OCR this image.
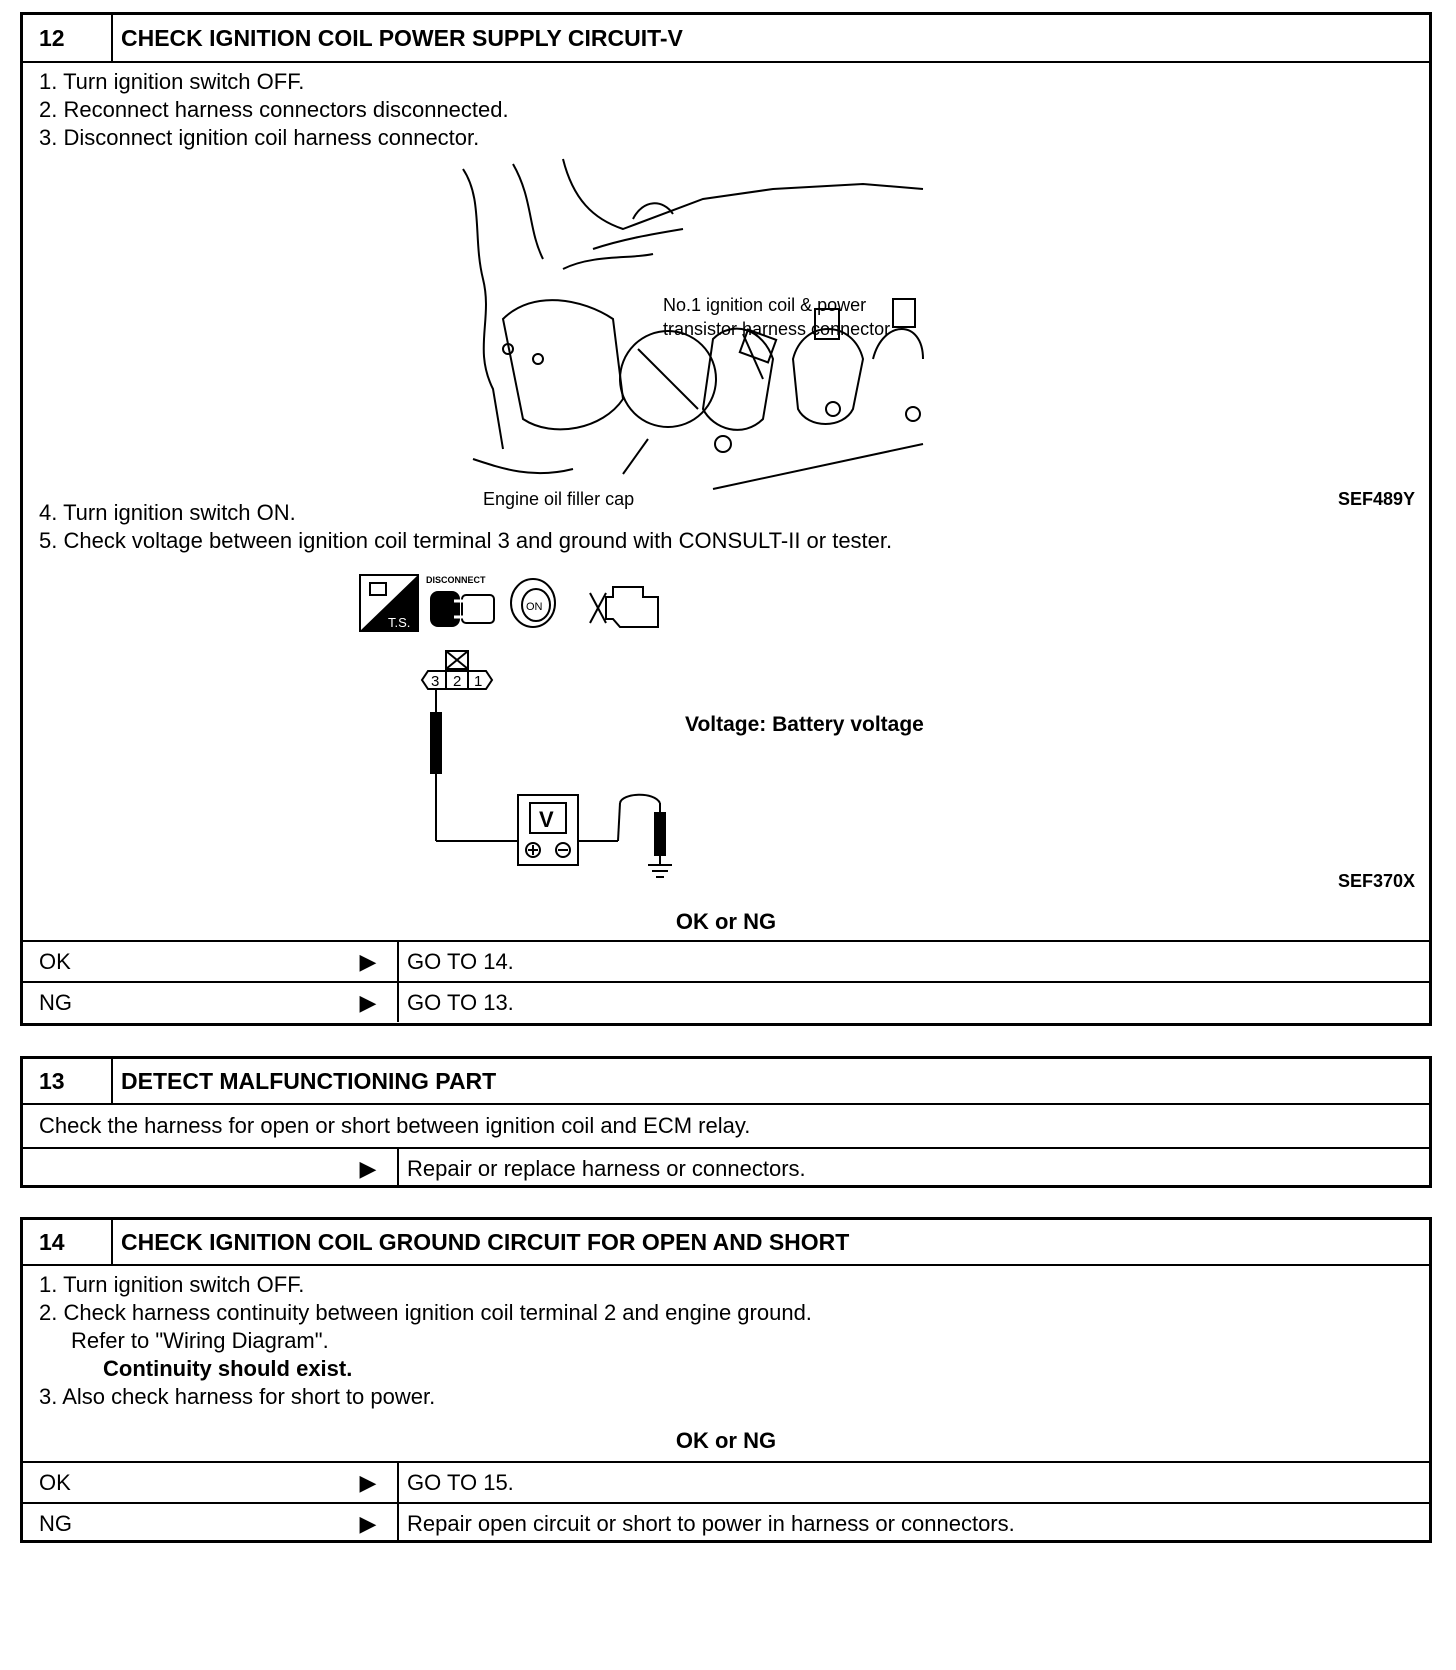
12	CHECK IGNITION COIL POWER SUPPLY CIRCUIT-V
1. Turn ignition switch OFF.
2. Reconnect harness connectors disconnected.
3. Disconnect ignition coil harness connector.
No.1 ignition coil & power
transistor harness connector
Engine oil filler cap	SEF489Y
4. Turn ignition switch ON.
5. Check voltage between ignition coil terminal 3 and ground with CONSULT-II or tester.
T.S.
DISCONNECT
ON
3 2 1
V
Voltage: Battery voltage
SEF370X
OK or NG
OK	▶	GO TO 14.
NG	▶	GO TO 13.
13	DETECT MALFUNCTIONING PART
Check the harness for open or short between ignition coil and ECM relay.
▶	Repair or replace harness or connectors.
14	CHECK IGNITION COIL GROUND CIRCUIT FOR OPEN AND SHORT
1. Turn ignition switch OFF.
2. Check harness continuity between ignition coil terminal 2 and engine ground.
Refer to "Wiring Diagram".
Continuity should exist.
3. Also check harness for short to power.
OK or NG
OK	▶	GO TO 15.
NG	▶	Repair open circuit or short to power in harness or connectors.
